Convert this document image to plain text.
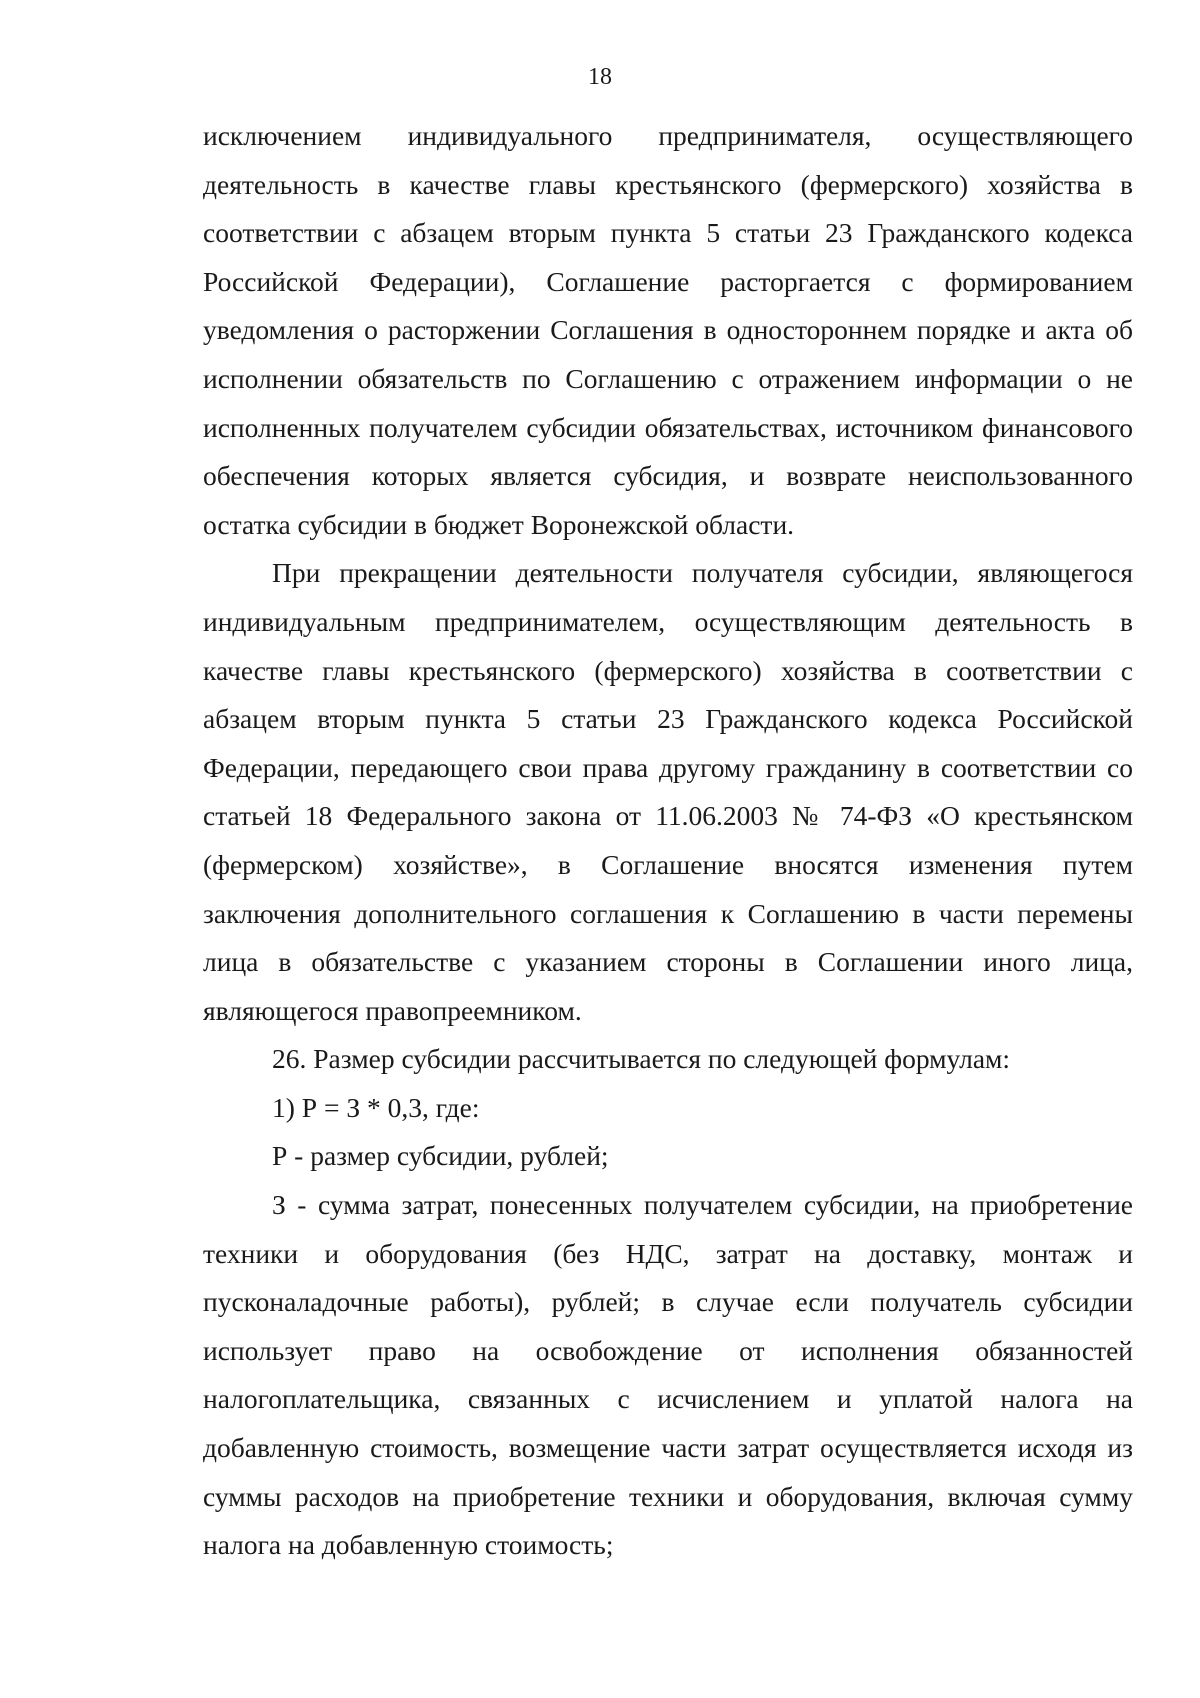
18

исключением индивидуального предпринимателя, осуществляющего деятельность в качестве главы крестьянского (фермерского) хозяйства в соответствии с абзацем вторым пункта 5 статьи 23 Гражданского кодекса Российской Федерации), Соглашение расторгается с формированием уведомления о расторжении Соглашения в одностороннем порядке и акта об исполнении обязательств по Соглашению с отражением информации о не исполненных получателем субсидии обязательствах, источником финансового обеспечения которых является субсидия, и возврате неиспользованного остатка субсидии в бюджет Воронежской области.

При прекращении деятельности получателя субсидии, являющегося индивидуальным предпринимателем, осуществляющим деятельность в качестве главы крестьянского (фермерского) хозяйства в соответствии с абзацем вторым пункта 5 статьи 23 Гражданского кодекса Российской Федерации, передающего свои права другому гражданину в соответствии со статьей 18 Федерального закона от 11.06.2003 № 74-ФЗ «О крестьянском (фермерском) хозяйстве», в Соглашение вносятся изменения путем заключения дополнительного соглашения к Соглашению в части перемены лица в обязательстве с указанием стороны в Соглашении иного лица, являющегося правопреемником.

26. Размер субсидии рассчитывается по следующей формулам:

1) Р = З * 0,3, где:

Р - размер субсидии, рублей;

З - сумма затрат, понесенных получателем субсидии, на приобретение техники и оборудования (без НДС, затрат на доставку, монтаж и пусконаладочные работы), рублей; в случае если получатель субсидии использует право на освобождение от исполнения обязанностей налогоплательщика, связанных с исчислением и уплатой налога на добавленную стоимость, возмещение части затрат осуществляется исходя из суммы расходов на приобретение техники и оборудования, включая сумму налога на добавленную стоимость;
